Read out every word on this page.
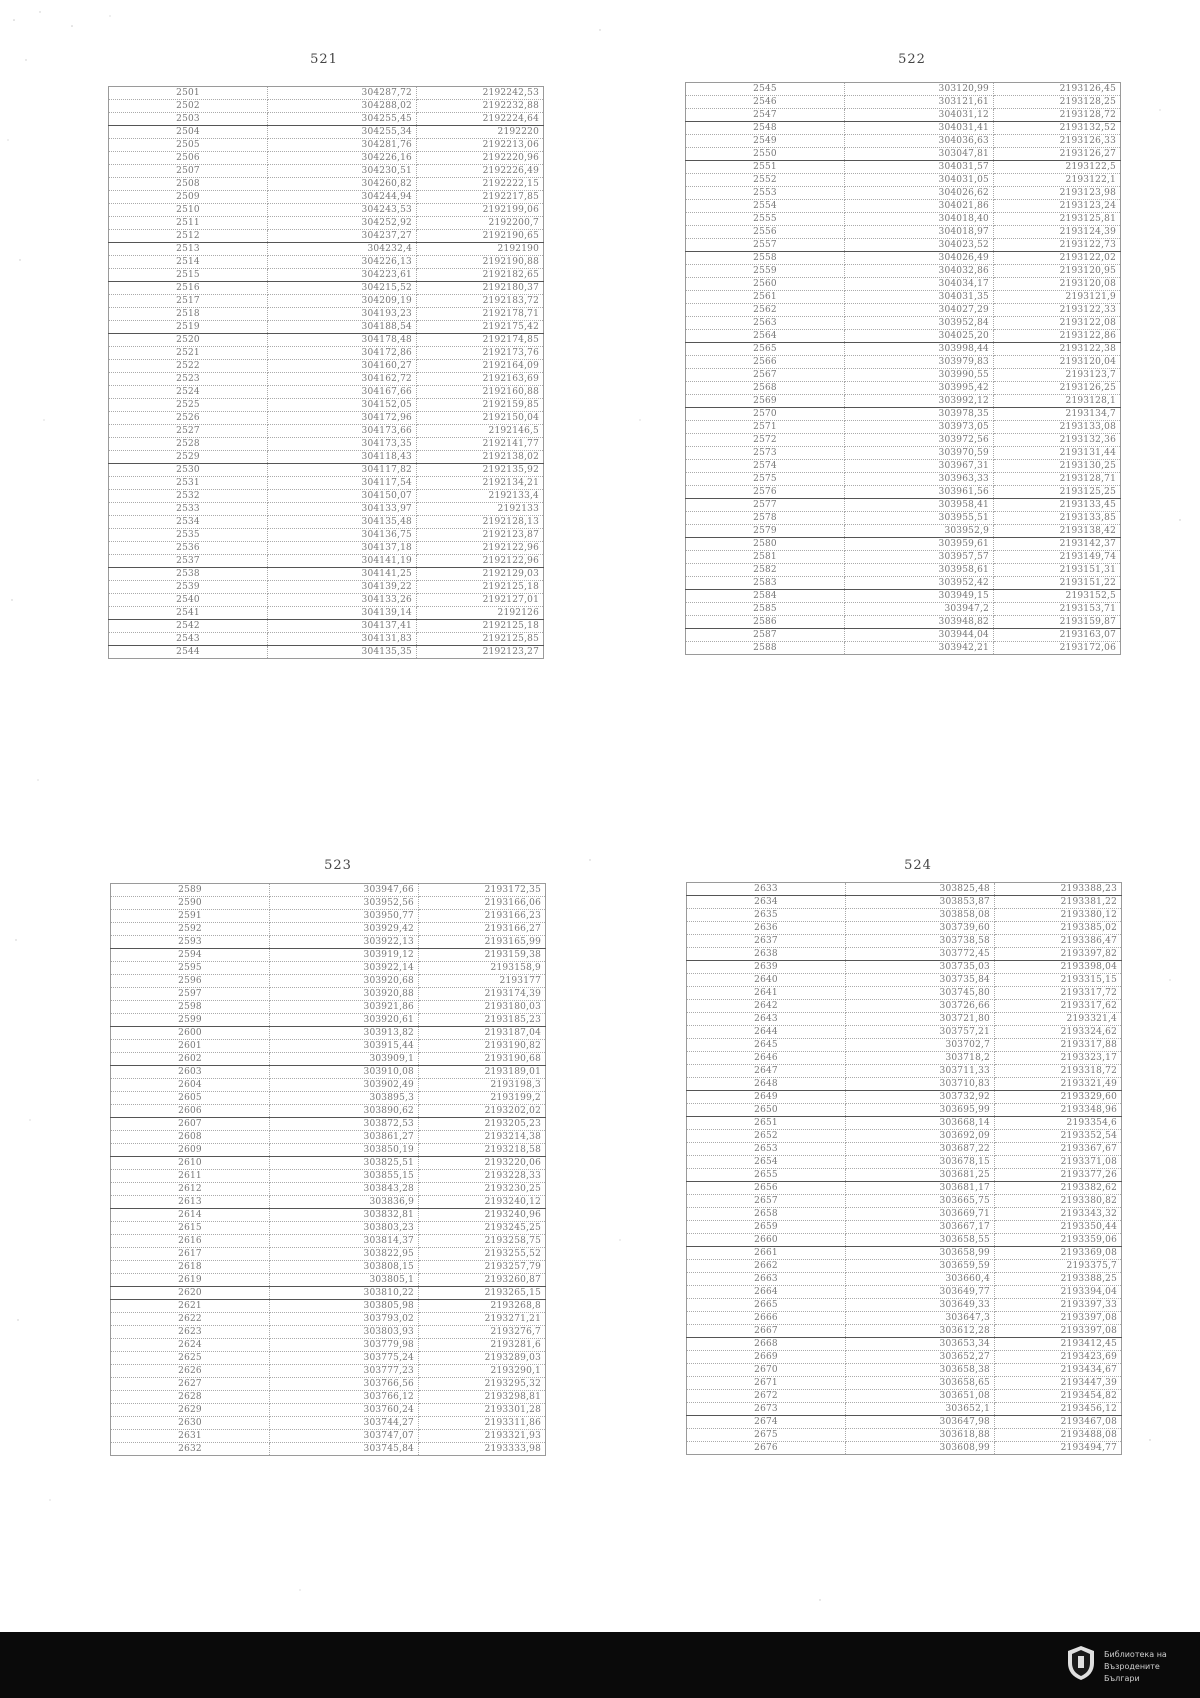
521	522
523	524
2501	304287,72	2192242,53
2502	304288,02	2192232,88
2503	304255,45	2192224,64
2504	304255,34	2192220
2505	304281,76	2192213,06
2506	304226,16	2192220,96
2507	304230,51	2192226,49
2508	304260,82	2192222,15
2509	304244,94	2192217,85
2510	304243,53	2192199,06
2511	304252,92	2192200,7
2512	304237,27	2192190,65
2513	304232,4	2192190
2514	304226,13	2192190,88
2515	304223,61	2192182,65
2516	304215,52	2192180,37
2517	304209,19	2192183,72
2518	304193,23	2192178,71
2519	304188,54	2192175,42
2520	304178,48	2192174,85
2521	304172,86	2192173,76
2522	304160,27	2192164,09
2523	304162,72	2192163,69
2524	304167,66	2192160,88
2525	304152,05	2192159,85
2526	304172,96	2192150,04
2527	304173,66	2192146,5
2528	304173,35	2192141,77
2529	304118,43	2192138,02
2530	304117,82	2192135,92
2531	304117,54	2192134,21
2532	304150,07	2192133,4
2533	304133,97	2192133
2534	304135,48	2192128,13
2535	304136,75	2192123,87
2536	304137,18	2192122,96
2537	304141,19	2192122,96
2538	304141,25	2192129,03
2539	304139,22	2192125,18
2540	304133,26	2192127,01
2541	304139,14	2192126
2542	304137,41	2192125,18
2543	304131,83	2192125,85
2544	304135,35	2192123,27
2545	303120,99	2193126,45
2546	303121,61	2193128,25
2547	304031,12	2193128,72
2548	304031,41	2193132,52
2549	304036,63	2193126,33
2550	303047,81	2193126,27
2551	304031,57	2193122,5
2552	304031,05	2193122,1
2553	304026,62	2193123,98
2554	304021,86	2193123,24
2555	304018,40	2193125,81
2556	304018,97	2193124,39
2557	304023,52	2193122,73
2558	304026,49	2193122,02
2559	304032,86	2193120,95
2560	304034,17	2193120,08
2561	304031,35	2193121,9
2562	304027,29	2193122,33
2563	303952,84	2193122,08
2564	304025,20	2193122,86
2565	303998,44	2193122,38
2566	303979,83	2193120,04
2567	303990,55	2193123,7
2568	303995,42	2193126,25
2569	303992,12	2193128,1
2570	303978,35	2193134,7
2571	303973,05	2193133,08
2572	303972,56	2193132,36
2573	303970,59	2193131,44
2574	303967,31	2193130,25
2575	303963,33	2193128,71
2576	303961,56	2193125,25
2577	303958,41	2193133,45
2578	303955,51	2193133,85
2579	303952,9	2193138,42
2580	303959,61	2193142,37
2581	303957,57	2193149,74
2582	303958,61	2193151,31
2583	303952,42	2193151,22
2584	303949,15	2193152,5
2585	303947,2	2193153,71
2586	303948,82	2193159,87
2587	303944,04	2193163,07
2588	303942,21	2193172,06
2589	303947,66	2193172,35
2590	303952,56	2193166,06
2591	303950,77	2193166,23
2592	303929,42	2193166,27
2593	303922,13	2193165,99
2594	303919,12	2193159,38
2595	303922,14	2193158,9
2596	303920,68	2193177
2597	303920,88	2193174,39
2598	303921,86	2193180,03
2599	303920,61	2193185,23
2600	303913,82	2193187,04
2601	303915,44	2193190,82
2602	303909,1	2193190,68
2603	303910,08	2193189,01
2604	303902,49	2193198,3
2605	303895,3	2193199,2
2606	303890,62	2193202,02
2607	303872,53	2193205,23
2608	303861,27	2193214,38
2609	303850,19	2193218,58
2610	303825,51	2193220,06
2611	303855,15	2193228,33
2612	303843,28	2193230,25
2613	303836,9	2193240,12
2614	303832,81	2193240,96
2615	303803,23	2193245,25
2616	303814,37	2193258,75
2617	303822,95	2193255,52
2618	303808,15	2193257,79
2619	303805,1	2193260,87
2620	303810,22	2193265,15
2621	303805,98	2193268,8
2622	303793,02	2193271,21
2623	303803,93	2193276,7
2624	303779,98	2193281,6
2625	303775,24	2193289,03
2626	303777,23	2193290,1
2627	303766,56	2193295,32
2628	303766,12	2193298,81
2629	303760,24	2193301,28
2630	303744,27	2193311,86
2631	303747,07	2193321,93
2632	303745,84	2193333,98
2633	303825,48	2193388,23
2634	303853,87	2193381,22
2635	303858,08	2193380,12
2636	303739,60	2193385,02
2637	303738,58	2193386,47
2638	303772,45	2193397,82
2639	303735,03	2193398,04
2640	303735,84	2193315,15
2641	303745,80	2193317,72
2642	303726,66	2193317,62
2643	303721,80	2193321,4
2644	303757,21	2193324,62
2645	303702,7	2193317,88
2646	303718,2	2193323,17
2647	303711,33	2193318,72
2648	303710,83	2193321,49
2649	303732,92	2193329,60
2650	303695,99	2193348,96
2651	303668,14	2193354,6
2652	303692,09	2193352,54
2653	303687,22	2193367,67
2654	303678,15	2193371,08
2655	303681,25	2193377,26
2656	303681,17	2193382,62
2657	303665,75	2193380,82
2658	303669,71	2193343,32
2659	303667,17	2193350,44
2660	303658,55	2193359,06
2661	303658,99	2193369,08
2662	303659,59	2193375,7
2663	303660,4	2193388,25
2664	303649,77	2193394,04
2665	303649,33	2193397,33
2666	303647,3	2193397,08
2667	303612,28	2193397,08
2668	303653,34	2193412,45
2669	303652,27	2193423,69
2670	303658,38	2193434,67
2671	303658,65	2193447,39
2672	303651,08	2193454,82
2673	303652,1	2193456,12
2674	303647,98	2193467,08
2675	303618,88	2193488,08
2676	303608,99	2193494,77
Библиотека на
Възродените Българи
